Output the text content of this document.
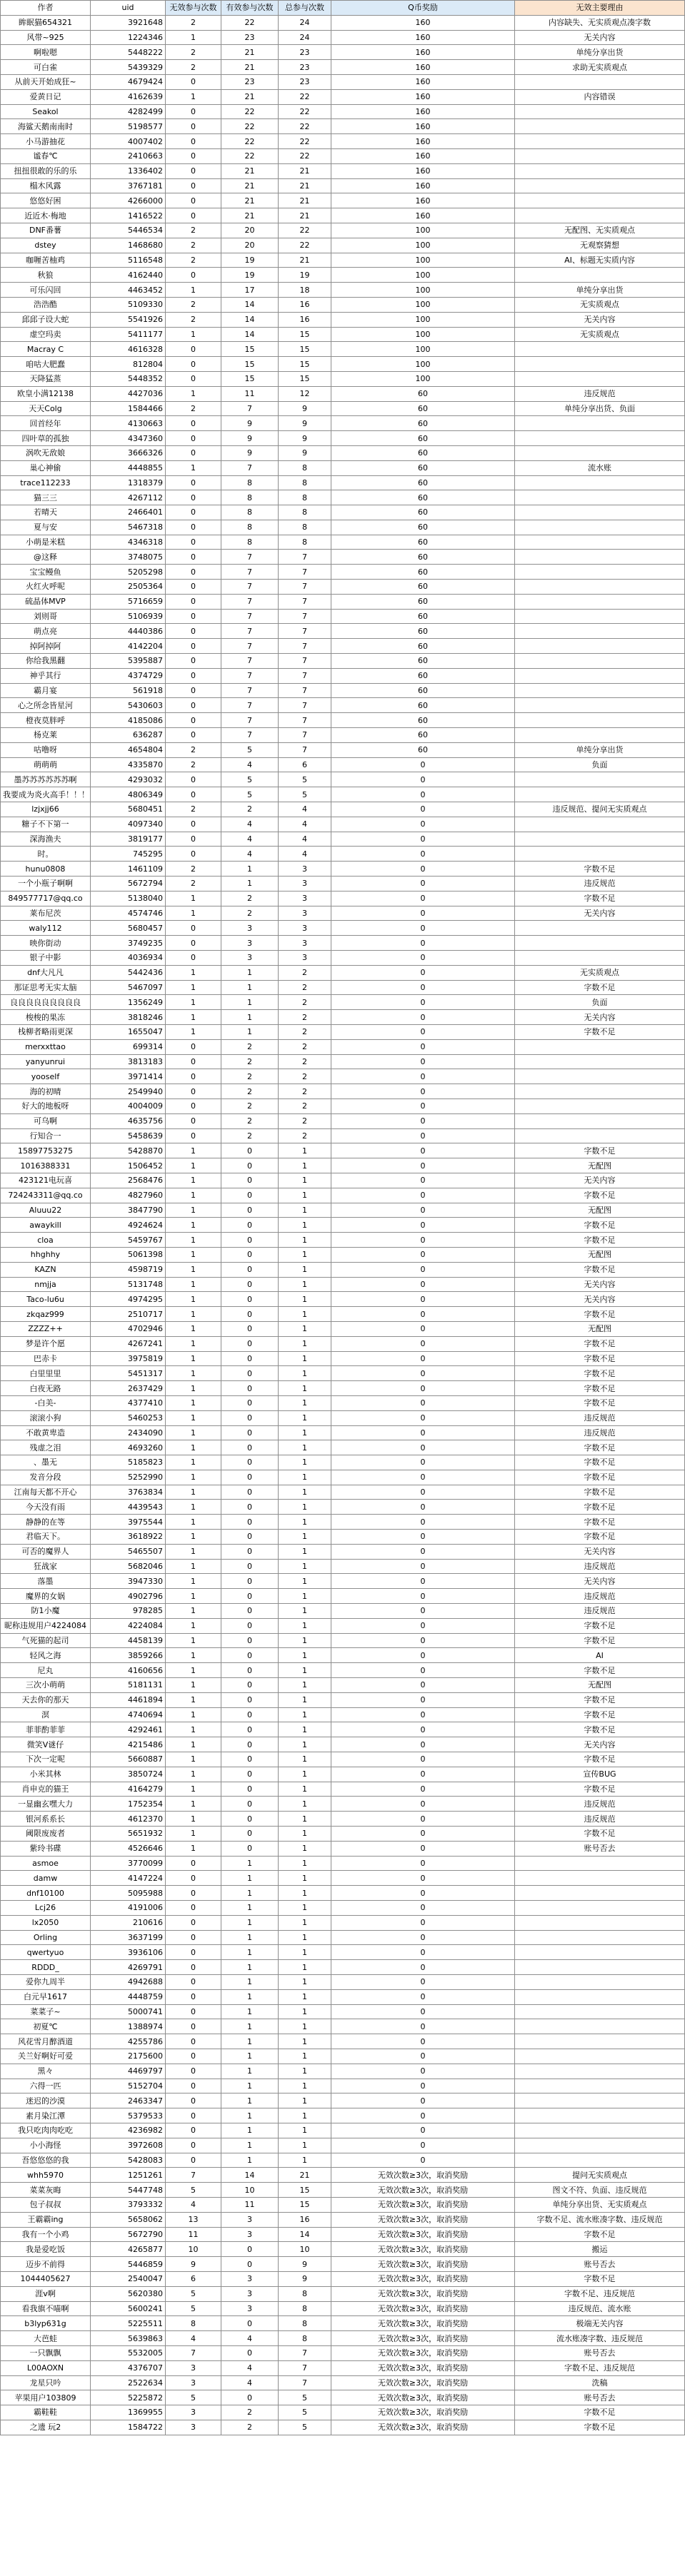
作者	uid	无效参与次数	有效参与次数	总参与次数	Q币奖励	无效主要理由
眸眠猫654321	3921648	2	22	24	160	内容缺失、无实质观点凑字数
风带~925	1224346	1	23	24	160	无关内容
啊啦嗯	5448222	2	21	23	160	单纯分享出货
可白雀	5439329	2	21	23	160	求助无实质观点
从前天开始成狂~	4679424	0	23	23	160	
爱黄日记	4162639	1	21	22	160	内容错误
Seakol	4282499	0	22	22	160	
海鲨天鹅南南时	5198577	0	22	22	160	
小马游抽花	4007402	0	22	22	160	
谧春℃	2410663	0	22	22	160	
扭扭很敢的乐的乐	1336402	0	21	21	160	
榻木风露	3767181	0	21	21	160	
悠悠好困	4266000	0	21	21	160	
近近木·梅地	1416522	0	21	21	160	
DNF番薯	5446534	2	20	22	100	无配图、无实质观点
dstey	1468680	2	20	22	100	无观察猜想
咖喱苦柚鸡	5116548	2	19	21	100	AI、标题无实质内容
秋狼	4162440	0	19	19	100	
可乐闪回	4463452	1	17	18	100	单纯分享出货
浩浩酷	5109330	2	14	16	100	无实质观点
邱邱子设大蛇	5541926	2	14	16	100	无关内容
虚空玛卖	5411177	1	14	15	100	无实质观点
Macray C	4616328	0	15	15	100	
咱咕大肥蠢	812804	0	15	15	100	
天降猛蒸	5448352	0	15	15	100	
欧皇小满12138	4427036	1	11	12	60	违反规范
天天Colg	1584466	2	7	9	60	单纯分享出货、负面
回首经年	4130663	0	9	9	60	
四叶草的孤独	4347360	0	9	9	60	
涡吹无敌娘	3666326	0	9	9	60	
巢心神偷	4448855	1	7	8	60	流水账
trace112233	1318379	0	8	8	60	
猫三三	4267112	0	8	8	60	
若晴天	2466401	0	8	8	60	
夏与安	5467318	0	8	8	60	
小萌是米糕	4346318	0	8	8	60	
@这释	3748075	0	7	7	60	
宝宝鳗鱼	5205298	0	7	7	60	
火红火呼呢	2505364	0	7	7	60	
硫晶体MVP	5716659	0	7	7	60	
刘则哥	5106939	0	7	7	60	
萌点亮	4440386	0	7	7	60	
掉阿掉阿	4142204	0	7	7	60	
你给我黑翻	5395887	0	7	7	60	
神乎其行	4374729	0	7	7	60	
霸月宴	561918	0	7	7	60	
心之所念皆星河	5430603	0	7	7	60	
橙夜莫胖呼	4185086	0	7	7	60	
杨克莱	636287	0	7	7	60	
咕噜呀	4654804	2	5	7	60	单纯分享出货
萌萌萌	4335870	2	4	6	0	负面
墨苏苏苏苏苏苏啊	4293032	0	5	5	0	
我要成为炎火高手！！！	4806349	0	5	5	0	
lzjxjj66	5680451	2	2	4	0	违反规范、提问无实质观点
糖子不下第一	4097340	0	4	4	0	
深海渔夫	3819177	0	4	4	0	
时。	745295	0	4	4	0	
hunu0808	1461109	2	1	3	0	字数不足
一个小瓶子啊啊	5672794	2	1	3	0	违反规范
849577717@qq.co	5138040	1	2	3	0	字数不足
莱布尼茨	4574746	1	2	3	0	无关内容
waly112	5680457	0	3	3	0	
映你街动	3749235	0	3	3	0	
银子中影	4036934	0	3	3	0	
dnf大凡凡	5442436	1	1	2	0	无实质观点
那证思考无实太脑	5467097	1	1	2	0	字数不足
良良良良良良良良良	1356249	1	1	2	0	负面
梭梭的果冻	3818246	1	1	2	0	无关内容
栈柳者略雨更深	1655047	1	1	2	0	字数不足
merxxttao	699314	0	2	2	0	
yanyunrui	3813183	0	2	2	0	
yooself	3971414	0	2	2	0	
海的初晴	2549940	0	2	2	0	
好大的地板呀	4004009	0	2	2	0	
可乌啊	4635756	0	2	2	0	
行知合一	5458639	0	2	2	0	
15897753275	5428870	1	0	1	0	字数不足
1016388331	1506452	1	0	1	0	无配图
423121电玩喜	2568476	1	0	1	0	无关内容
724243311@qq.co	4827960	1	0	1	0	字数不足
Aluuu22	3847790	1	0	1	0	无配图
awaykill	4924624	1	0	1	0	字数不足
cloa	5459767	1	0	1	0	字数不足
hhghhy	5061398	1	0	1	0	无配图
KAZN	4598719	1	0	1	0	字数不足
nmjja	5131748	1	0	1	0	无关内容
Taco-lu6u	4974295	1	0	1	0	无关内容
zkqaz999	2510717	1	0	1	0	字数不足
ZZZZ++	4702946	1	0	1	0	无配图
梦是许个愿	4267241	1	0	1	0	字数不足
巴赤卡	3975819	1	0	1	0	字数不足
白里里里	5451317	1	0	1	0	字数不足
白夜无路	2637429	1	0	1	0	字数不足
-白美-	4377410	1	0	1	0	字数不足
滚滚小狗	5460253	1	0	1	0	违反规范
不敢黄卑造	2434090	1	0	1	0	违反规范
残虚之泪	4693260	1	0	1	0	字数不足
、墨无	5185823	1	0	1	0	字数不足
发音分段	5252990	1	0	1	0	字数不足
江南每天都不开心	3763834	1	0	1	0	字数不足
今天没有雨	4439543	1	0	1	0	字数不足
静静的在等	3975544	1	0	1	0	字数不足
君临天下。	3618922	1	0	1	0	字数不足
可否的魔界人	5465507	1	0	1	0	无关内容
狂战家	5682046	1	0	1	0	违反规范
落墨	3947330	1	0	1	0	无关内容
魔界的女娲	4902796	1	0	1	0	违反规范
防1小魔	978285	1	0	1	0	违反规范
昵称违规用户4224084	4224084	1	0	1	0	字数不足
气死猫的起司	4458139	1	0	1	0	字数不足
轻风之海	3859266	1	0	1	0	AI
尼丸	4160656	1	0	1	0	字数不足
三次小萌萌	5181131	1	0	1	0	无配图
天去你的那天	4461894	1	0	1	0	字数不足
溟	4740694	1	0	1	0	字数不足
菲菲酌菲菲	4292461	1	0	1	0	字数不足
微笑V谜仔	4215486	1	0	1	0	无关内容
下次一定呢	5660887	1	0	1	0	字数不足
小米其林	3850724	1	0	1	0	宣传BUG
肖申克的猫王	4164279	1	0	1	0	字数不足
一显幽玄嘿大力	1752354	1	0	1	0	违反规范
银河系系长	4612370	1	0	1	0	违反规范
阈限废废者	5651932	1	0	1	0	字数不足
紫玲书碟	4526646	1	0	1	0	账号否去
asmoe	3770099	0	1	1	0	
damw	4147224	0	1	1	0	
dnf10100	5095988	0	1	1	0	
Lcj26	4191006	0	1	1	0	
lx2050	210616	0	1	1	0	
Orling	3637199	0	1	1	0	
qwertyuo	3936106	0	1	1	0	
RDDD_	4269791	0	1	1	0	
爱你九周半	4942688	0	1	1	0	
白元早1617	4448759	0	1	1	0	
菜菜子~	5000741	0	1	1	0	
初夏℃	1388974	0	1	1	0	
风花雪月醉酒道	4255786	0	1	1	0	
关兰好啊好可爱	2175600	0	1	1	0	
黑々	4469797	0	1	1	0	
六得一匹	5152704	0	1	1	0	
迷迟的沙漠	2463347	0	1	1	0	
素月染江潭	5379533	0	1	1	0	
我只吃肉肉吃吃	4236982	0	1	1	0	
小小海怪	3972608	0	1	1	0	
吾悠悠悠的我	5428083	0	1	1	0	
whh5970	1251261	7	14	21	无效次数≥3次，取消奖励	提问无实质观点
菜菜灰晦	5447748	5	10	15	无效次数≥3次，取消奖励	图文不符、负面、违反规范
包子叔叔	3793332	4	11	15	无效次数≥3次，取消奖励	单纯分享出货、无实质观点
王霸霸ing	5658062	13	3	16	无效次数≥3次，取消奖励	字数不足、流水账凑字数、违反规范
我有一个小鸡	5672790	11	3	14	无效次数≥3次，取消奖励	字数不足
我是爱吃饭	4265877	10	0	10	无效次数≥3次，取消奖励	搬运
迈步不前得	5446859	9	0	9	无效次数≥3次，取消奖励	账号否去
1044405627	2540047	6	3	9	无效次数≥3次，取消奖励	字数不足
涯v啊	5620380	5	3	8	无效次数≥3次，取消奖励	字数不足、违反规范
看我旗不喵啊	5600241	5	3	8	无效次数≥3次，取消奖励	违反规范、流水账
b3lyp631g	5225511	8	0	8	无效次数≥3次，取消奖励	极端无关内容
大芭蛙	5639863	4	4	8	无效次数≥3次，取消奖励	流水账凑字数、违反规范
一只飘飘	5532005	7	0	7	无效次数≥3次，取消奖励	账号否去
L00AOXN	4376707	3	4	7	无效次数≥3次，取消奖励	字数不足、违反规范
龙星只吟	2522634	3	4	7	无效次数≥3次，取消奖励	洗稿
苹果用户103809	5225872	5	0	5	无效次数≥3次，取消奖励	账号否去
霸鞋鞋	1369955	3	2	5	无效次数≥3次，取消奖励	字数不足
之遗 玩2	1584722	3	2	5	无效次数≥3次，取消奖励	字数不足
